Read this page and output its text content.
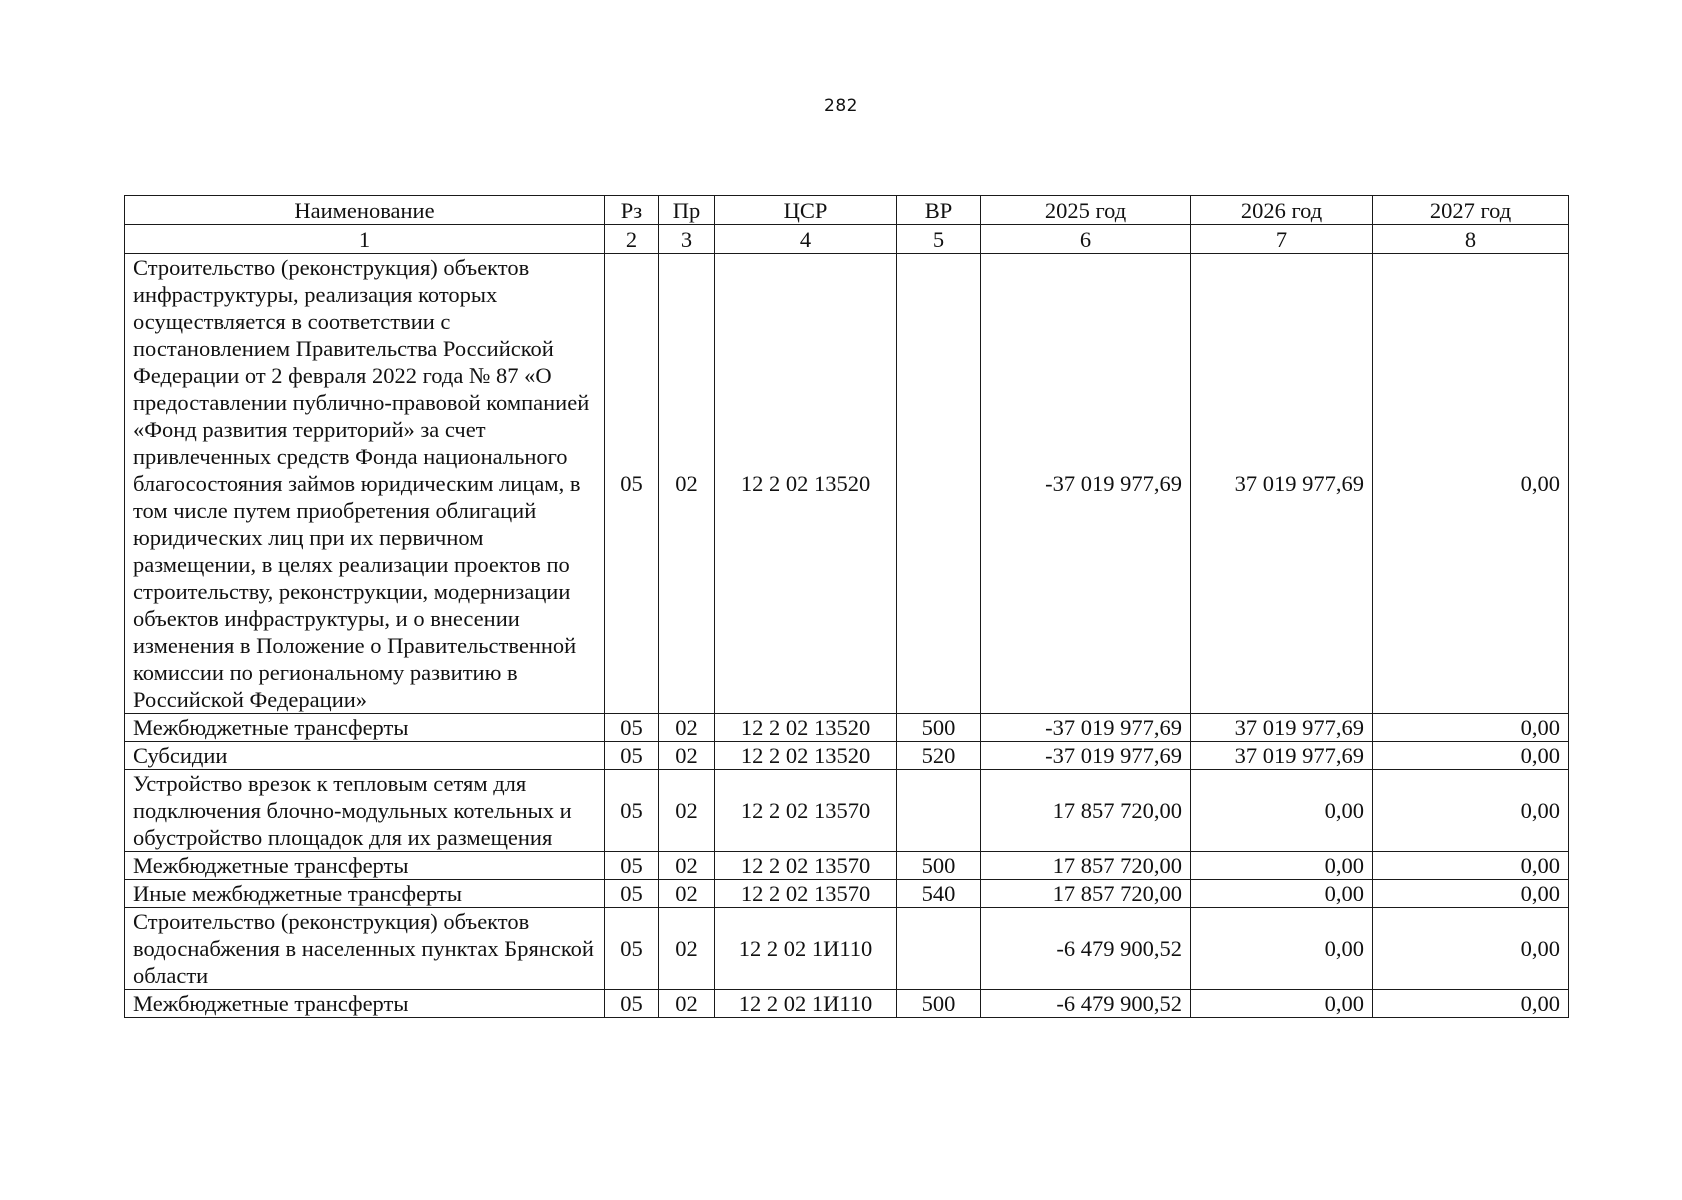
282
Наименование	Рз	Пр	ЦСР	ВР	2025 год	2026 год	2027 год
1	2	3	4	5	6	7	8
Строительство (реконструкция) объектов инфраструктуры, реализация которых осуществляется в соответствии с постановлением Правительства Российской Федерации от 2 февраля 2022 года № 87 «О предоставлении публично-правовой компанией «Фонд развития территорий» за счет привлеченных средств Фонда национального благосостояния займов юридическим лицам, в том числе путем приобретения облигаций юридических лиц при их первичном размещении, в целях реализации проектов по строительству, реконструкции, модернизации объектов инфраструктуры, и о внесении изменения в Положение о Правительственной комиссии по региональному развитию в Российской Федерации»	05	02	12 2 02 13520		-37 019 977,69	37 019 977,69	0,00
Межбюджетные трансферты	05	02	12 2 02 13520	500	-37 019 977,69	37 019 977,69	0,00
Субсидии	05	02	12 2 02 13520	520	-37 019 977,69	37 019 977,69	0,00
Устройство врезок к тепловым сетям для подключения блочно-модульных котельных и обустройство площадок для их размещения	05	02	12 2 02 13570		17 857 720,00	0,00	0,00
Межбюджетные трансферты	05	02	12 2 02 13570	500	17 857 720,00	0,00	0,00
Иные межбюджетные трансферты	05	02	12 2 02 13570	540	17 857 720,00	0,00	0,00
Строительство (реконструкция) объектов водоснабжения в населенных пунктах Брянской области	05	02	12 2 02 1И110		-6 479 900,52	0,00	0,00
Межбюджетные трансферты	05	02	12 2 02 1И110	500	-6 479 900,52	0,00	0,00
